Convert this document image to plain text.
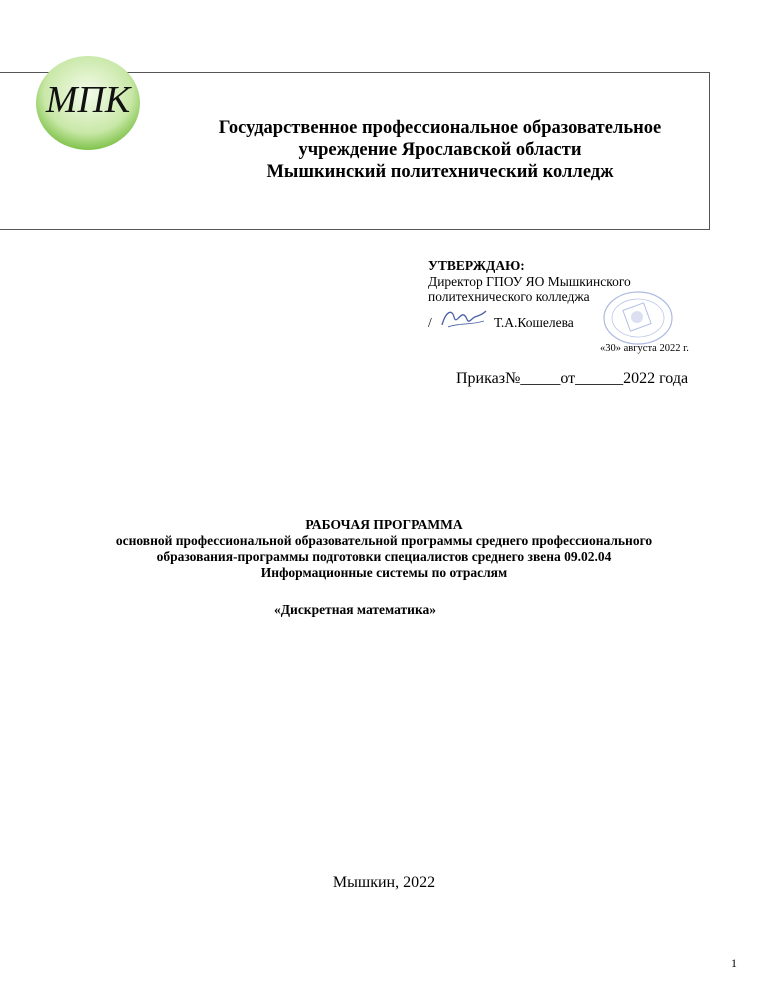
МПК
Государственное профессиональное образовательное
учреждение Ярославской области
Мышкинский политехнический колледж
УТВЕРЖДАЮ:
Директор ГПОУ ЯО Мышкинского
политехнического колледжа
/	Т.А.Кошелева
«30» августа 2022 г.
Приказ№_____от______2022 года
РАБОЧАЯ ПРОГРАММА
основной профессиональной образовательной программы среднего профессионального
образования-программы подготовки специалистов среднего звена 09.02.04
Информационные системы по отраслям
«Дискретная математика»
Мышкин, 2022
1
